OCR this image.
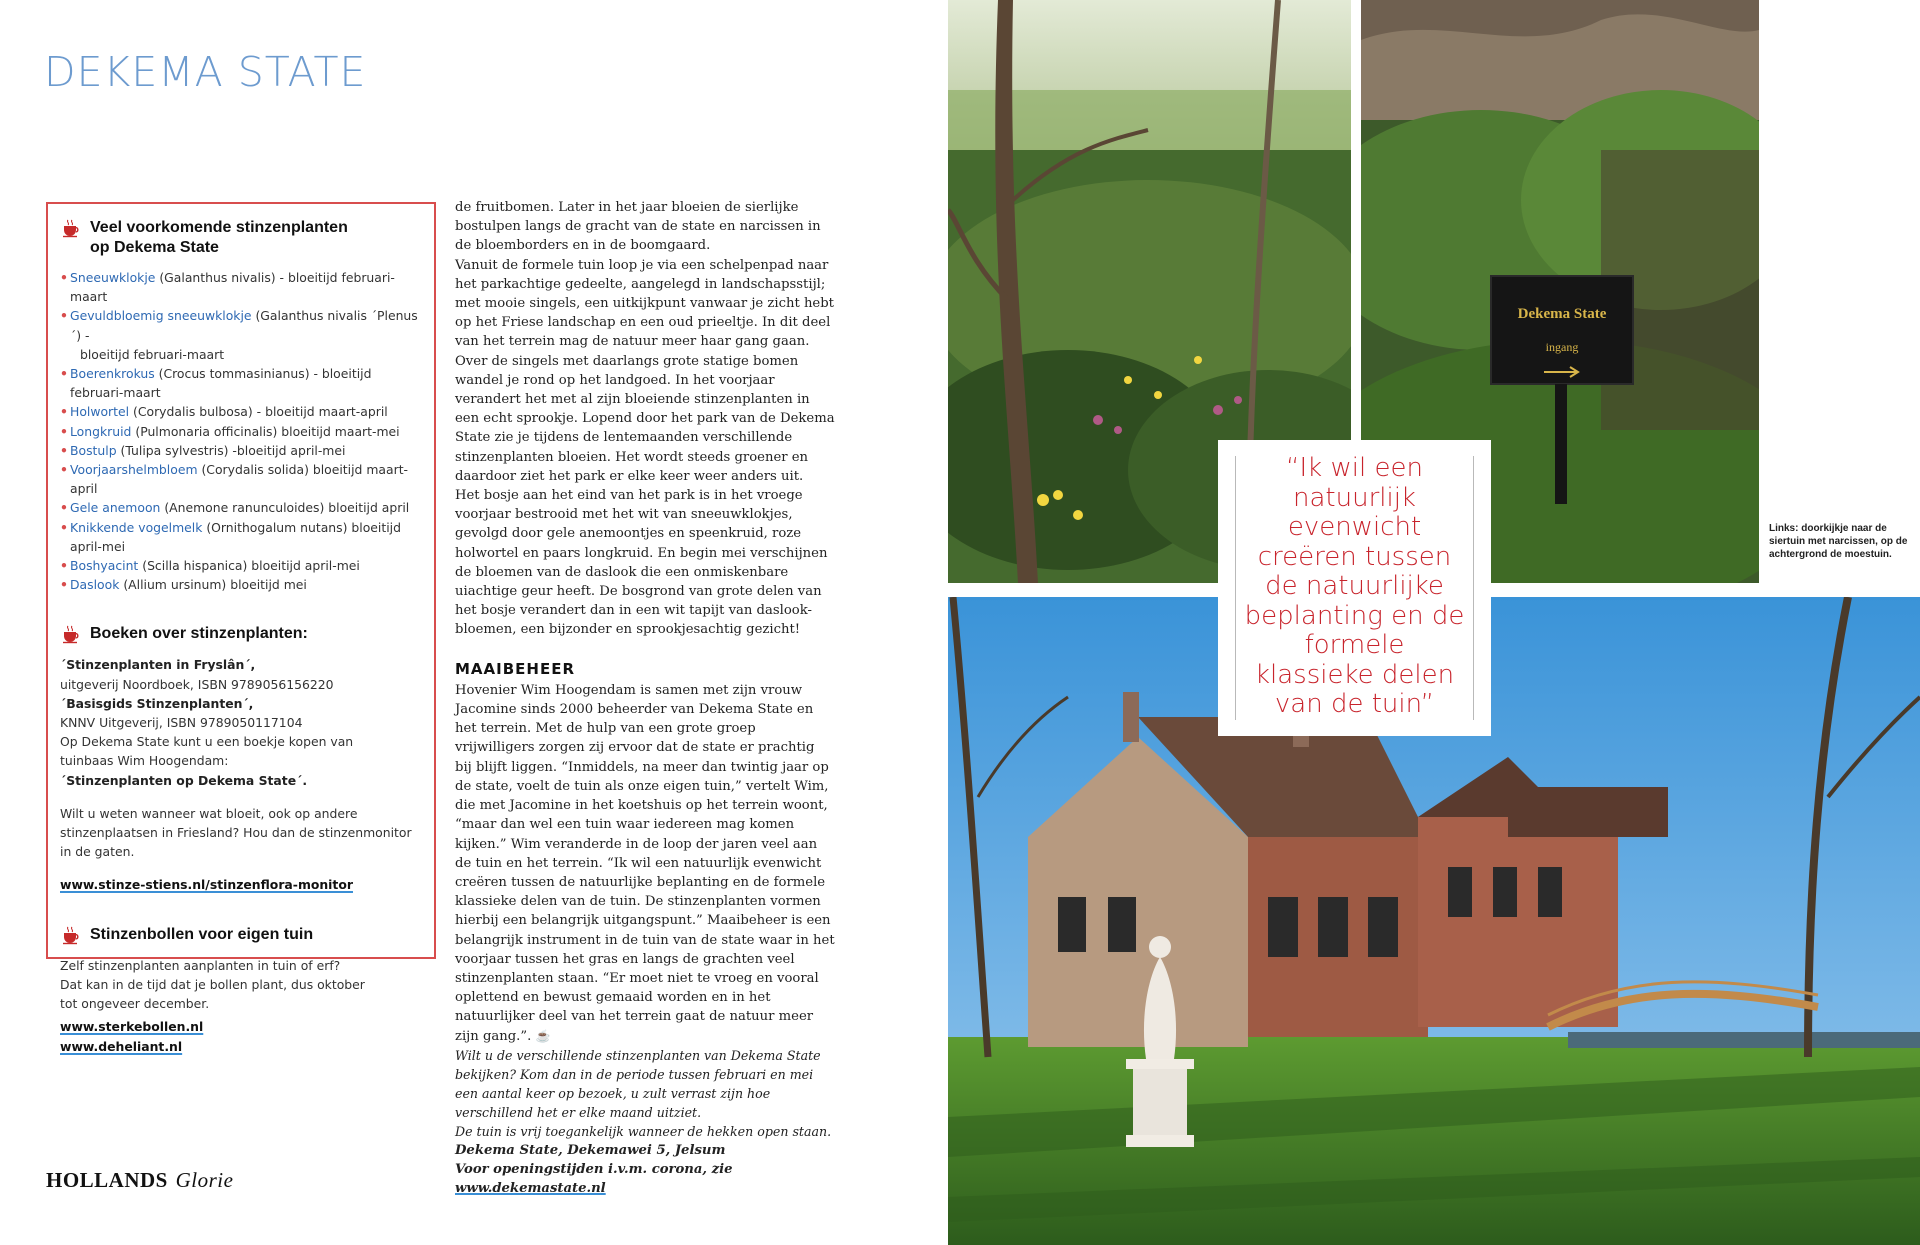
DEKEMA STATE
Veel voorkomende stinzenplanten
op Dekema State
• Sneeuwklokje (Galanthus nivalis) - bloeitijd februari-maart
• Gevuldbloemig sneeuwklokje (Galanthus nivalis ´Plenus´) -
bloeitijd februari-maart
• Boerenkrokus (Crocus tommasinianus) - bloeitijd februari-maart
• Holwortel (Corydalis bulbosa) - bloeitijd maart-april
• Longkruid (Pulmonaria officinalis) bloeitijd maart-mei
• Bostulp (Tulipa sylvestris) -bloeitijd april-mei
• Voorjaarshelmbloem (Corydalis solida) bloeitijd maart-april
• Gele anemoon (Anemone ranunculoides) bloeitijd april
• Knikkende vogelmelk (Ornithogalum nutans) bloeitijd april-mei
• Boshyacint (Scilla hispanica) bloeitijd april-mei
• Daslook (Allium ursinum) bloeitijd mei
Boeken over stinzenplanten:
´Stinzenplanten in Fryslân´,
uitgeverij Noordboek, ISBN 9789056156220
´Basisgids Stinzenplanten´,
KNNV Uitgeverij, ISBN 9789050117104
Op Dekema State kunt u een boekje kopen van
tuinbaas Wim Hoogendam:
´Stinzenplanten op Dekema State´.
Wilt u weten wanneer wat bloeit, ook op andere stinzenplaatsen in Friesland? Hou dan de stinzenmonitor in de gaten.
www.stinze-stiens.nl/stinzenflora-monitor
Stinzenbollen voor eigen tuin
Zelf stinzenplanten aanplanten in tuin of erf?
Dat kan in de tijd dat je bollen plant, dus oktober
tot ongeveer december.
www.sterkebollen.nl
www.deheliant.nl

de fruitbomen. Later in het jaar bloeien de sierlijke bostulpen langs de gracht van de state en narcissen in de bloemborders en in de boomgaard.

Vanuit de formele tuin loop je via een schelpenpad naar het parkachtige gedeelte, aangelegd in landschapsstijl; met mooie singels, een uitkijkpunt vanwaar je zicht hebt op het Friese landschap en een oud prieeltje. In dit deel van het terrein mag de natuur meer haar gang gaan. Over de singels met daarlangs grote statige bomen wandel je rond op het landgoed. In het voorjaar verandert het met al zijn bloeiende stinzenplanten in een echt sprookje. Lopend door het park van de Dekema State zie je tijdens de lentemaanden verschillende stinzenplanten bloeien. Het wordt steeds groener en daardoor ziet het park er elke keer weer anders uit.

Het bosje aan het eind van het park is in het vroege voorjaar bestrooid met het wit van sneeuwklokjes, gevolgd door gele anemoontjes en speenkruid, roze holwortel en paars longkruid. En begin mei verschijnen de bloemen van de daslook die een onmiskenbare uiachtige geur heeft. De bosgrond van grote delen van het bosje verandert dan in een wit tapijt van daslook-bloemen, een bijzonder en sprookjesachtig gezicht!

MAAIBEHEER

Hovenier Wim Hoogendam is samen met zijn vrouw Jacomine sinds 2000 beheerder van Dekema State en het terrein. Met de hulp van een grote groep vrijwilligers zorgen zij ervoor dat de state er prachtig bij blijft liggen. “Inmiddels, na meer dan twintig jaar op de state, voelt de tuin als onze eigen tuin,” vertelt Wim, die met Jacomine in het koetshuis op het terrein woont, “maar dan wel een tuin waar iedereen mag komen kijken.” Wim veranderde in de loop der jaren veel aan de tuin en het terrein. “Ik wil een natuurlijk evenwicht creëren tussen de natuurlijke beplanting en de formele klassieke delen van de tuin. De stinzenplanten vormen hierbij een belangrijk uitgangspunt.” Maaibeheer is een belangrijk instrument in de tuin van de state waar in het voorjaar tussen het gras en langs de grachten veel stinzenplanten staan. “Er moet niet te vroeg en vooral oplettend en bewust gemaaid worden en in het natuurlijker deel van het terrein gaat de natuur meer zijn gang.”. ☕

Wilt u de verschillende stinzenplanten van Dekema State bekijken? Kom dan in de periode tussen februari en mei een aantal keer op bezoek, u zult verrast zijn hoe verschillend het er elke maand uitziet.

De tuin is vrij toegankelijk wanneer de hekken open staan.

Dekema State, Dekemawei 5, Jelsum

Voor openingstijden i.v.m. corona, zie www.dekemastate.nl

HOLLANDS Glorie
Dekema State
ingang
“Ik wil een natuurlijk evenwicht creëren tussen de natuurlijke beplanting en de formele klassieke delen van de tuin”
Links: doorkijkje naar de siertuin met narcissen, op de achtergrond de moestuin.
